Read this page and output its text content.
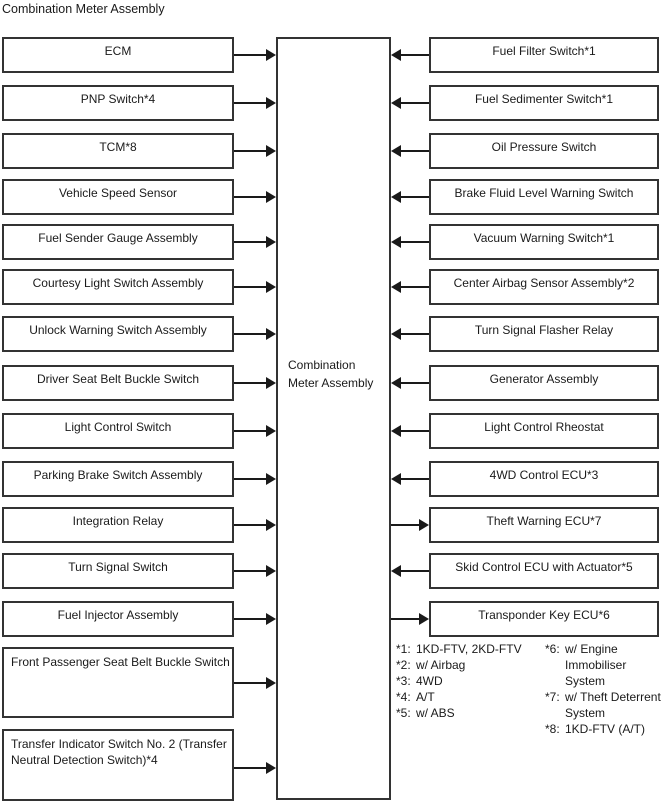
Combination Meter Assembly
Combination Meter Assembly
ECM
PNP Switch*4
TCM*8
Vehicle Speed Sensor
Fuel Sender Gauge Assembly
Courtesy Light Switch Assembly
Unlock Warning Switch Assembly
Driver Seat Belt Buckle Switch
Light Control Switch
Parking Brake Switch Assembly
Integration Relay
Turn Signal Switch
Fuel Injector Assembly
Front Passenger Seat Belt Buckle Switch
Transfer Indicator Switch No. 2 (Transfer Neutral Detection Switch)*4
Fuel Filter Switch*1
Fuel Sedimenter Switch*1
Oil Pressure Switch
Brake Fluid Level Warning Switch
Vacuum Warning Switch*1
Center Airbag Sensor Assembly*2
Turn Signal Flasher Relay
Generator Assembly
Light Control Rheostat
4WD Control ECU*3
Theft Warning ECU*7
Skid Control ECU with Actuator*5
Transponder Key ECU*6
*1: 1KD-FTV, 2KD-FTV
*2: w/ Airbag
*3: 4WD
*4: A/T
*5: w/ ABS
*6: w/ Engine Immobiliser System
*7: w/ Theft Deterrent System
*8: 1KD-FTV (A/T)
